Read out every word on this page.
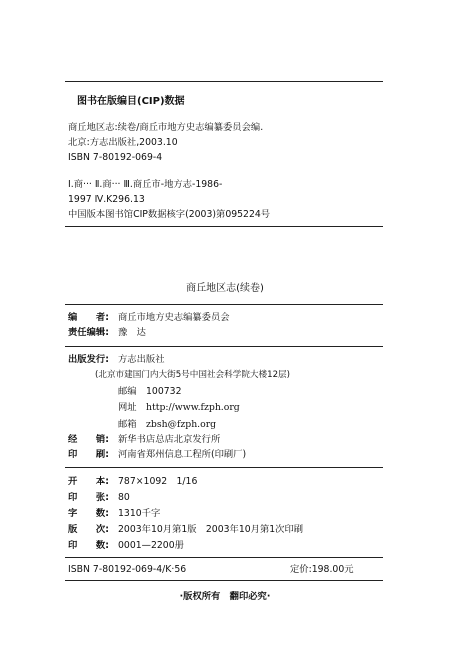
图书在版编目(CIP)数据
商丘地区志:续卷/商丘市地方史志编纂委员会编.
北京:方志出版社,2003.10
ISBN 7-80192-069-4
Ⅰ.商··· Ⅱ.商··· Ⅲ.商丘市-地方志-1986-
1997 Ⅳ.K296.13
中国版本图书馆CIP数据核字(2003)第095224号
商丘地区志(续卷)
编　　者: 商丘市地方史志编纂委员会
责任编辑: 豫　达
出版发行: 方志出版社
(北京市建国门内大街5号中国社会科学院大楼12层)
邮编 100732
网址 http://www.fzph.org
邮箱 zbsh@fzph.org
经　　销: 新华书店总店北京发行所
印　　刷: 河南省郑州信息工程所(印刷厂)
开　　本: 787×1092　1/16
印　　张: 80
字　　数: 1310千字
版　　次: 2003年10月第1版　2003年10月第1次印刷
印　　数: 0001—2200册
ISBN 7-80192-069-4/K·56	定价:198.00元
·版权所有　翻印必究·
